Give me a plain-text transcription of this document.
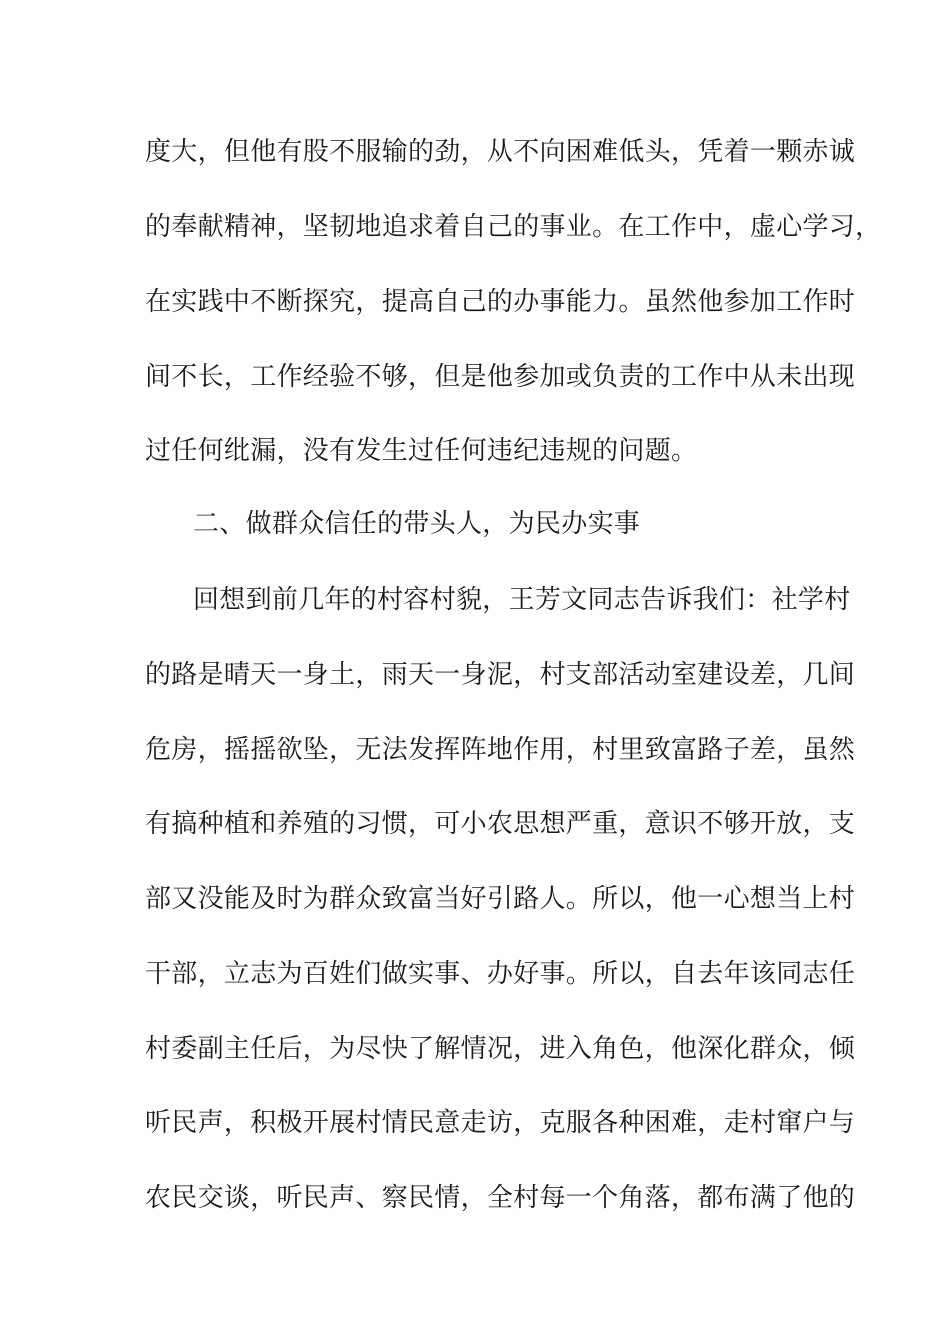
度大，但他有股不服输的劲，从不向困难低头，凭着一颗赤诚
的奉献精神，坚韧地追求着自己的事业。在工作中，虚心学习，
在实践中不断探究，提高自己的办事能力。虽然他参加工作时
间不长，工作经验不够，但是他参加或负责的工作中从未出现
过任何纰漏，没有发生过任何违纪违规的问题。
二、做群众信任的带头人，为民办实事
回想到前几年的村容村貌，王芳文同志告诉我们：社学村
的路是晴天一身土，雨天一身泥，村支部活动室建设差，几间
危房，摇摇欲坠，无法发挥阵地作用，村里致富路子差，虽然
有搞种植和养殖的习惯，可小农思想严重，意识不够开放，支
部又没能及时为群众致富当好引路人。所以，他一心想当上村
干部，立志为百姓们做实事、办好事。所以，自去年该同志任
村委副主任后，为尽快了解情况，进入角色，他深化群众，倾
听民声，积极开展村情民意走访，克服各种困难，走村窜户与
农民交谈，听民声、察民情，全村每一个角落，都布满了他的
